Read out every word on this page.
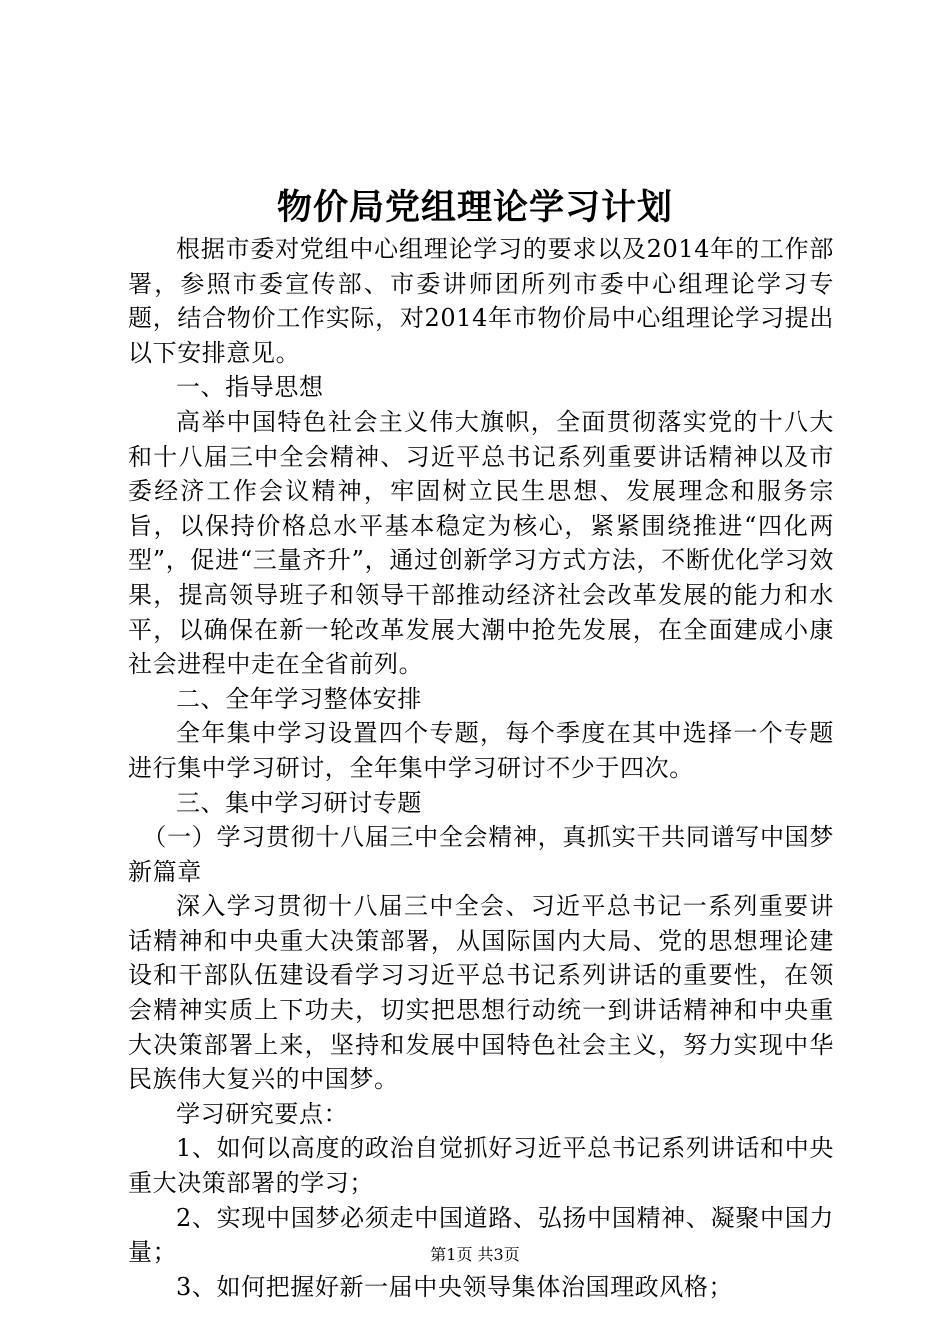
物价局党组理论学习计划

根据市委对党组中心组理论学习的要求以及2014年的工作部署，参照市委宣传部、市委讲师团所列市委中心组理论学习专题，结合物价工作实际，对2014年市物价局中心组理论学习提出以下安排意见。

一、指导思想

高举中国特色社会主义伟大旗帜，全面贯彻落实党的十八大和十八届三中全会精神、习近平总书记系列重要讲话精神以及市委经济工作会议精神，牢固树立民生思想、发展理念和服务宗旨，以保持价格总水平基本稳定为核心，紧紧围绕推进“四化两型”，促进“三量齐升”，通过创新学习方式方法，不断优化学习效果，提高领导班子和领导干部推动经济社会改革发展的能力和水平，以确保在新一轮改革发展大潮中抢先发展，在全面建成小康社会进程中走在全省前列。

二、全年学习整体安排

全年集中学习设置四个专题，每个季度在其中选择一个专题进行集中学习研讨，全年集中学习研讨不少于四次。

三、集中学习研讨专题

（一）学习贯彻十八届三中全会精神，真抓实干共同谱写中国梦新篇章

深入学习贯彻十八届三中全会、习近平总书记一系列重要讲话精神和中央重大决策部署，从国际国内大局、党的思想理论建设和干部队伍建设看学习习近平总书记系列讲话的重要性，在领会精神实质上下功夫，切实把思想行动统一到讲话精神和中央重大决策部署上来，坚持和发展中国特色社会主义，努力实现中华民族伟大复兴的中国梦。

学习研究要点：

1、如何以高度的政治自觉抓好习近平总书记系列讲话和中央重大决策部署的学习；

2、实现中国梦必须走中国道路、弘扬中国精神、凝聚中国力量；

3、如何把握好新一届中央领导集体治国理政风格；

第1页 共3页
